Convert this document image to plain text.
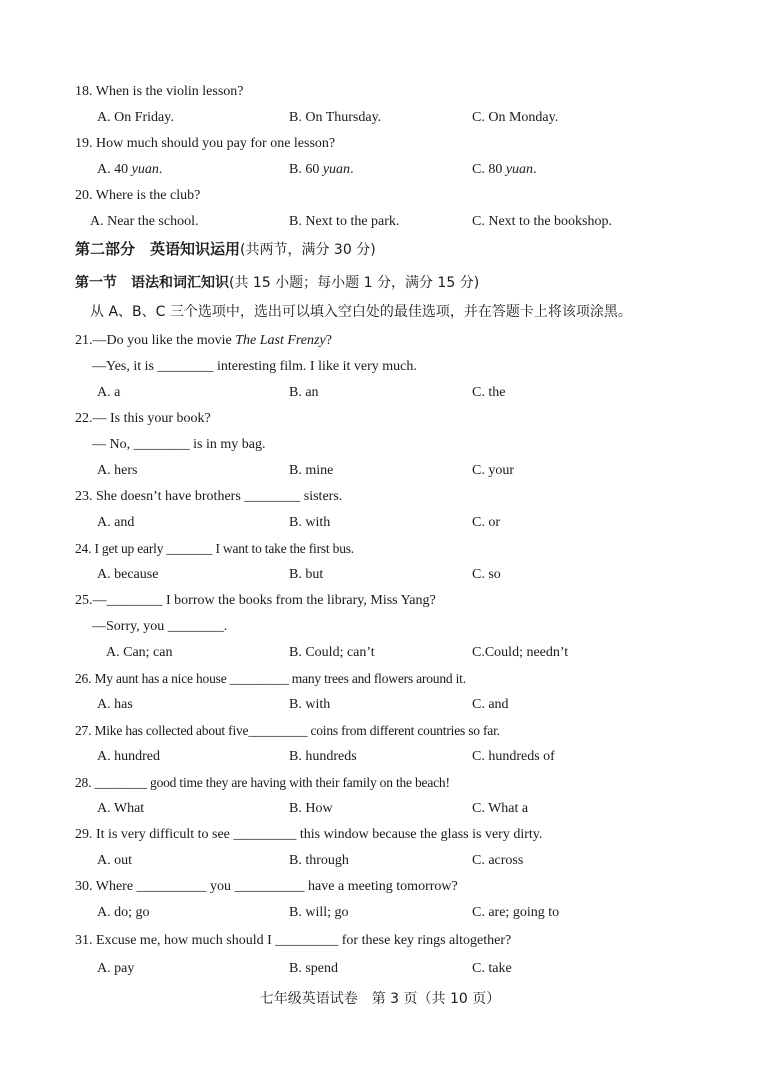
18. When is the violin lesson?
A. On Friday.	B. On Thursday.	C. On Monday.
19. How much should you pay for one lesson?
A. 40 yuan.	B. 60 yuan.	C. 80 yuan.
20. Where is the club?
A. Near the school.	B. Next to the park.	C. Next to the bookshop.
第二部分　英语知识运用(共两节，满分 30 分)
第一节　语法和词汇知识(共 15 小题；每小题 1 分，满分 15 分)
从 A、B、C 三个选项中，选出可以填入空白处的最佳选项，并在答题卡上将该项涂黑。
21.—Do you like the movie The Last Frenzy?
—Yes, it is ________ interesting film. I like it very much.
A. a	B. an	C. the
22.— Is this your book?
— No, ________ is in my bag.
A. hers	B. mine	C. your
23. She doesn’t have brothers ________ sisters.
A. and	B. with	C. or
24. I get up early _______ I want to take the first bus.
A. because	B. but	C. so
25.—________ I borrow the books from the library, Miss Yang?
—Sorry, you ________.
A. Can; can	B. Could; can’t	C.Could; needn’t
26. My aunt has a nice house _________ many trees and flowers around it.
A. has	B. with	C. and
27. Mike has collected about five_________ coins from different countries so far.
A. hundred	B. hundreds	C. hundreds of
28. ________ good time they are having with their family on the beach!
A. What	B. How	C. What a
29. It is very difficult to see _________ this window because the glass is very dirty.
A. out	B. through	C. across
30. Where __________ you __________ have a meeting tomorrow?
A. do; go	B. will; go	C. are; going to
31. Excuse me, how much should I _________ for these key rings altogether?
A. pay	B. spend	C. take
七年级英语试卷　第 3 页（共 10 页）
